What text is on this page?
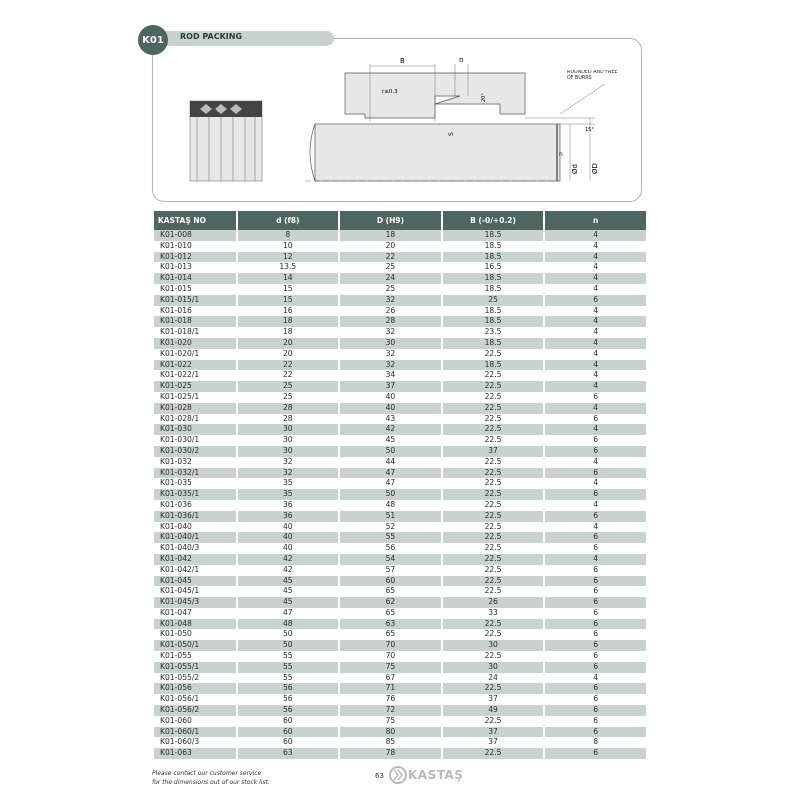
ROD PACKING
K01
B	n
r≤0.3
20°
S
15°
n
Ød ØD
ROUNDED AND FREE OF BURRS
KASTAŞ NO	d (f8)	D (H9)	B (-0/+0.2)	n
K01-008	8	18	18.5	4
K01-010	10	20	18.5	4
K01-012	12	22	18.5	4
K01-013	13.5	25	16.5	4
K01-014	14	24	18.5	4
K01-015	15	25	18.5	4
K01-015/1	15	32	25	6
K01-016	16	26	18.5	4
K01-018	18	28	18.5	4
K01-018/1	18	32	23.5	4
K01-020	20	30	18.5	4
K01-020/1	20	32	22.5	4
K01-022	22	32	18.5	4
K01-022/1	22	34	22.5	4
K01-025	25	37	22.5	4
K01-025/1	25	40	22.5	6
K01-028	28	40	22.5	4
K01-028/1	28	43	22.5	6
K01-030	30	42	22.5	4
K01-030/1	30	45	22.5	6
K01-030/2	30	50	37	6
K01-032	32	44	22.5	4
K01-032/1	32	47	22.5	6
K01-035	35	47	22.5	4
K01-035/1	35	50	22.5	6
K01-036	36	48	22.5	4
K01-036/1	36	51	22.5	6
K01-040	40	52	22.5	4
K01-040/1	40	55	22.5	6
K01-040/3	40	56	22.5	6
K01-042	42	54	22.5	4
K01-042/1	42	57	22.5	6
K01-045	45	60	22.5	6
K01-045/1	45	65	22.5	6
K01-045/3	45	62	26	6
K01-047	47	65	33	6
K01-048	48	63	22.5	6
K01-050	50	65	22.5	6
K01-050/1	50	70	30	6
K01-055	55	70	22.5	6
K01-055/1	55	75	30	6
K01-055/2	55	67	24	4
K01-056	56	71	22.5	6
K01-056/1	56	76	37	6
K01-056/2	56	72	49	6
K01-060	60	75	22.5	6
K01-060/1	60	80	37	6
K01-060/3	60	85	37	8
K01-063	63	78	22.5	6
Please contact our customer service
for the dimensions out of our stock list.
63 KASTAŞ
